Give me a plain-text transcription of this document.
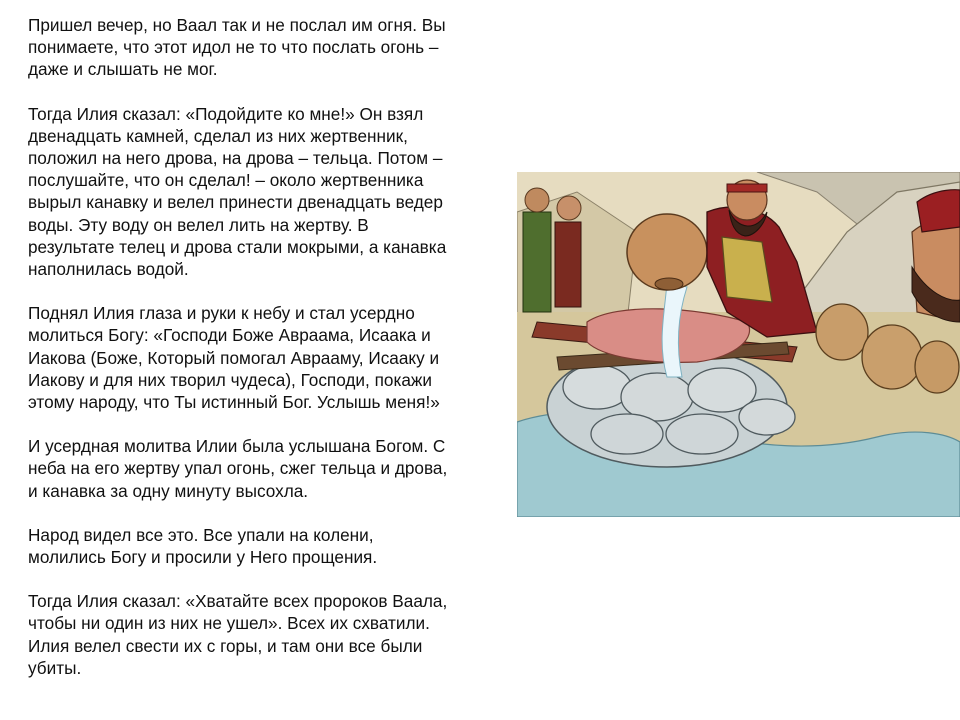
Пришел вечер, но Ваал так и не послал им огня. Вы
понимаете, что этот идол не то что послать огонь –
даже и слышать не мог.

Тогда Илия сказал: «Подойдите ко мне!» Он взял
двенадцать камней, сделал из них жертвенник,
положил на него дрова, на дрова – тельца. Потом –
послушайте, что он сделал! – около жертвенника
вырыл канавку и велел принести двенадцать ведер
воды. Эту воду он велел лить на жертву. В
результате телец и дрова стали мокрыми, а канавка
наполнилась водой.

Поднял Илия глаза и руки к небу и стал усердно
молиться Богу: «Господи Боже Авраама, Исаака и
Иакова (Боже, Который помогал Аврааму, Исааку и
Иакову и для них творил чудеса), Господи, покажи
этому народу, что Ты истинный Бог. Услышь меня!»

И усердная молитва Илии была услышана Богом. С
неба на его жертву упал огонь, сжег тельца и дрова,
и канавка за одну минуту высохла.

Народ видел все это. Все упали на колени,
молились Богу и просили у Него прощения.

Тогда Илия сказал: «Хватайте всех пророков Ваала,
чтобы ни один из них не ушел». Всех их схватили.
Илия велел свести их с горы, и там они все были
убиты.
